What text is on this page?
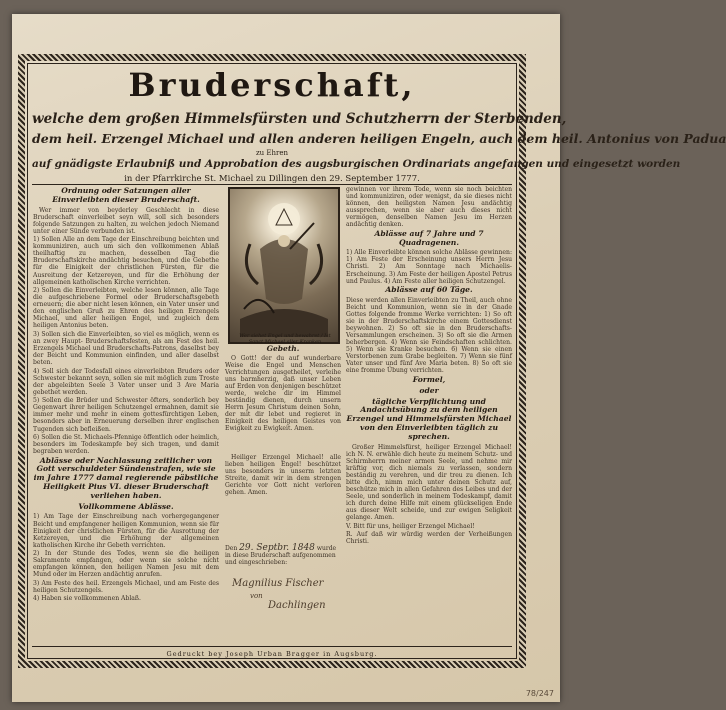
78/247
Bruderschaft,
welche dem großen Himmelsfürsten und Schutzherrn der Sterbenden,
dem heil. Erzengel Michael und allen anderen heiligen Engeln, auch dem heil. Antonius von Padua
zu Ehren
auf gnädigste Erlaubniß und Approbation des augsburgischen Ordinariats angefangen und eingesetzt worden
in der Pfarrkirche St. Michael zu Dillingen den 29. September 1777.

Ordnung oder Satzungen aller Einverleibten dieser Bruderschaft.

Wer immer von beyderley Geschlecht in diese Bruderschaft einverleibet seyn will, soll sich besonders folgende Satzungen zu halten, zu welchen jedoch Niemand unter einer Sünde verbunden ist.

1) Sollen Alle an dem Tage der Einschreibung beichten und kommuniziren, auch um sich den vollkommenen Ablaß theilhaftig zu machen, desselben Tag die Bruderschaftskirche andächtig besuchen, und die Gebethe für die Einigkeit der christlichen Fürsten, für die Ausreitung der Ketzereyen, und für die Erhöhung der allgemeinen katholischen Kirche verrichten.

2) Sollen die Einverleibten, welche lesen können, alle Tage die aufgeschriebene Formel oder Bruderschaftsgebeth erneuern; die aber nicht lesen können, ein Vater unser und den englischen Gruß zu Ehren des heiligen Erzengels Michael, und aller heiligen Engel, und zugleich dem heiligen Antonius beten.

3) Sollen sich die Einverleibten, so viel es möglich, wenn es an zwey Haupt- Bruderschaftsfesten, als am Fest des heil. Erzengels Michael und Bruderschafts-Patrons, daselbst bey der Beicht und Kommunion einfinden, und aller daselbst beten.

4) Soll sich der Todesfall eines einverleibten Bruders oder Schwester bekannt seyn, sollen sie mit möglich zum Troste der abgeleibten Seele 3 Vater unser und 3 Ave Maria gebethet werden.

5) Sollen die Brüder und Schwester öfters, sonderlich bey Gegenwart ihrer heiligen Schutzengel ermahnen, damit sie immer mehr und mehr in einem gottesfürchtigen Leben, besonders aber in Erneuerung derselben ihrer englischen Tugenden sich befleißen.

6) Sollen die St. Michaels-Pfennige öffentlich oder heimlich, besonders im Todeskampfe bey sich tragen, und damit begraben werden.

Ablässe oder Nachlassung zeitlicher von Gott verschuldeter Sündenstrafen, wie sie im Jahre 1777 damal regierende päbstliche Heiligkeit Pius VI. dieser Bruderschaft verliehen haben.

Vollkommene Ablässe.

1) Am Tage der Einschreibung nach vorhergegangener Beicht und empfangener heiligen Kommunion, wenn sie für Einigkeit der christlichen Fürsten, für die Ausrottung der Ketzereyen, und die Erhöhung der allgemeinen katholischen Kirche ihr Gebeth verrichten.

2) In der Stunde des Todes, wenn sie die heiligen Sakramente empfangen, oder wenn sie solche nicht empfangen können, den heiligen Namen Jesu mit dem Mund oder im Herzen andächtig anrufen.

3) Am Feste des heil. Erzengels Michael, und am Feste des heiligen Schutzengels.

4) Haben sie vollkommenen Ablaß.

Wer siehet Engel und bewahret / Ist Sanct Michael aller Kranken
Gebeth.

O Gott! der du auf wunderbare Weise die Engel und Menschen Verrichtungen ausgetheilet, verleihe uns barmherzig, daß unser Leben auf Erden von denjenigen beschützet werde, welche dir im Himmel beständig dienen, durch unsern Herrn Jesum Christum deinen Sohn, der mit dir lebet und regieret in Einigkeit des heiligen Geistes von Ewigkeit zu Ewigkeit. Amen.

Heiliger Erzengel Michael! alle lieben heiligen Engel! beschützet uns besonders in unserm letzten Streite, damit wir in dem strengen Gerichte vor Gott nicht verloren gehen. Amen.

Den 29. Septbr. 1848 wurde in diese Bruderschaft aufgenommen und eingeschrieben:
Magnilius Fischer
von
Dachlingen

gewinnen vor ihrem Tode, wenn sie noch beichten und kommuniziren, oder wenigst, da sie dieses nicht können, den heiligsten Namen Jesu andächtig aussprechen, wenn sie aber auch dieses nicht vermögen, denselben Namen Jesu im Herzen andächtig denken.

Ablässe auf 7 Jahre und 7 Quadragenen.

1) Alle Einverleibte können solche Ablässe gewinnen: 1) Am Feste der Erscheinung unsers Herrn Jesu Christi. 2) Am Sonntage nach Michaelis-Erscheinung. 3) Am Feste der heiligen Apostel Petrus und Paulus. 4) Am Feste aller heiligen Schutzengel.

Ablässe auf 60 Täge.

Diese werden allen Einverleibten zu Theil, auch ohne Beicht und Kommunion, wenn sie in der Gnade Gottes folgende fromme Werke verrichten: 1) So oft sie in der Bruderschaftskirche einem Gottesdienst beywohnen. 2) So oft sie in den Bruderschafts-Versammlungen erscheinen. 3) So oft sie die Armen beherbergen. 4) Wenn sie Feindschaften schlichten. 5) Wenn sie Kranke besuchen. 6) Wenn sie einen Verstorbenen zum Grabe begleiten. 7) Wenn sie fünf Vater unser und fünf Ave Maria beten. 8) So oft sie eine fromme Übung verrichten.

Formel,

oder

tägliche Verpflichtung und Andachtsübung zu dem heiligen Erzengel und Himmelsfürsten Michael von den Einverleibten täglich zu sprechen.

Großer Himmelsfürst, heiliger Erzengel Michael! ich N. N. erwähle dich heute zu meinem Schutz- und Schirmherrn meiner armen Seele, und nehme mir kräftig vor, dich niemals zu verlassen, sondern beständig zu verehren, und dir treu zu dienen. Ich bitte dich, nimm mich unter deinen Schutz auf, beschütze mich in allen Gefahren des Leibes und der Seele, und sonderlich in meinem Todeskampf, damit ich durch deine Hilfe mit einem glückseligen Ende aus dieser Welt scheide, und zur ewigen Seligkeit gelange. Amen.

V. Bitt für uns, heiliger Erzengel Michael!

R. Auf daß wir würdig werden der Verheißungen Christi.

Gedruckt bey Joseph Urban Bragger in Augsburg.
